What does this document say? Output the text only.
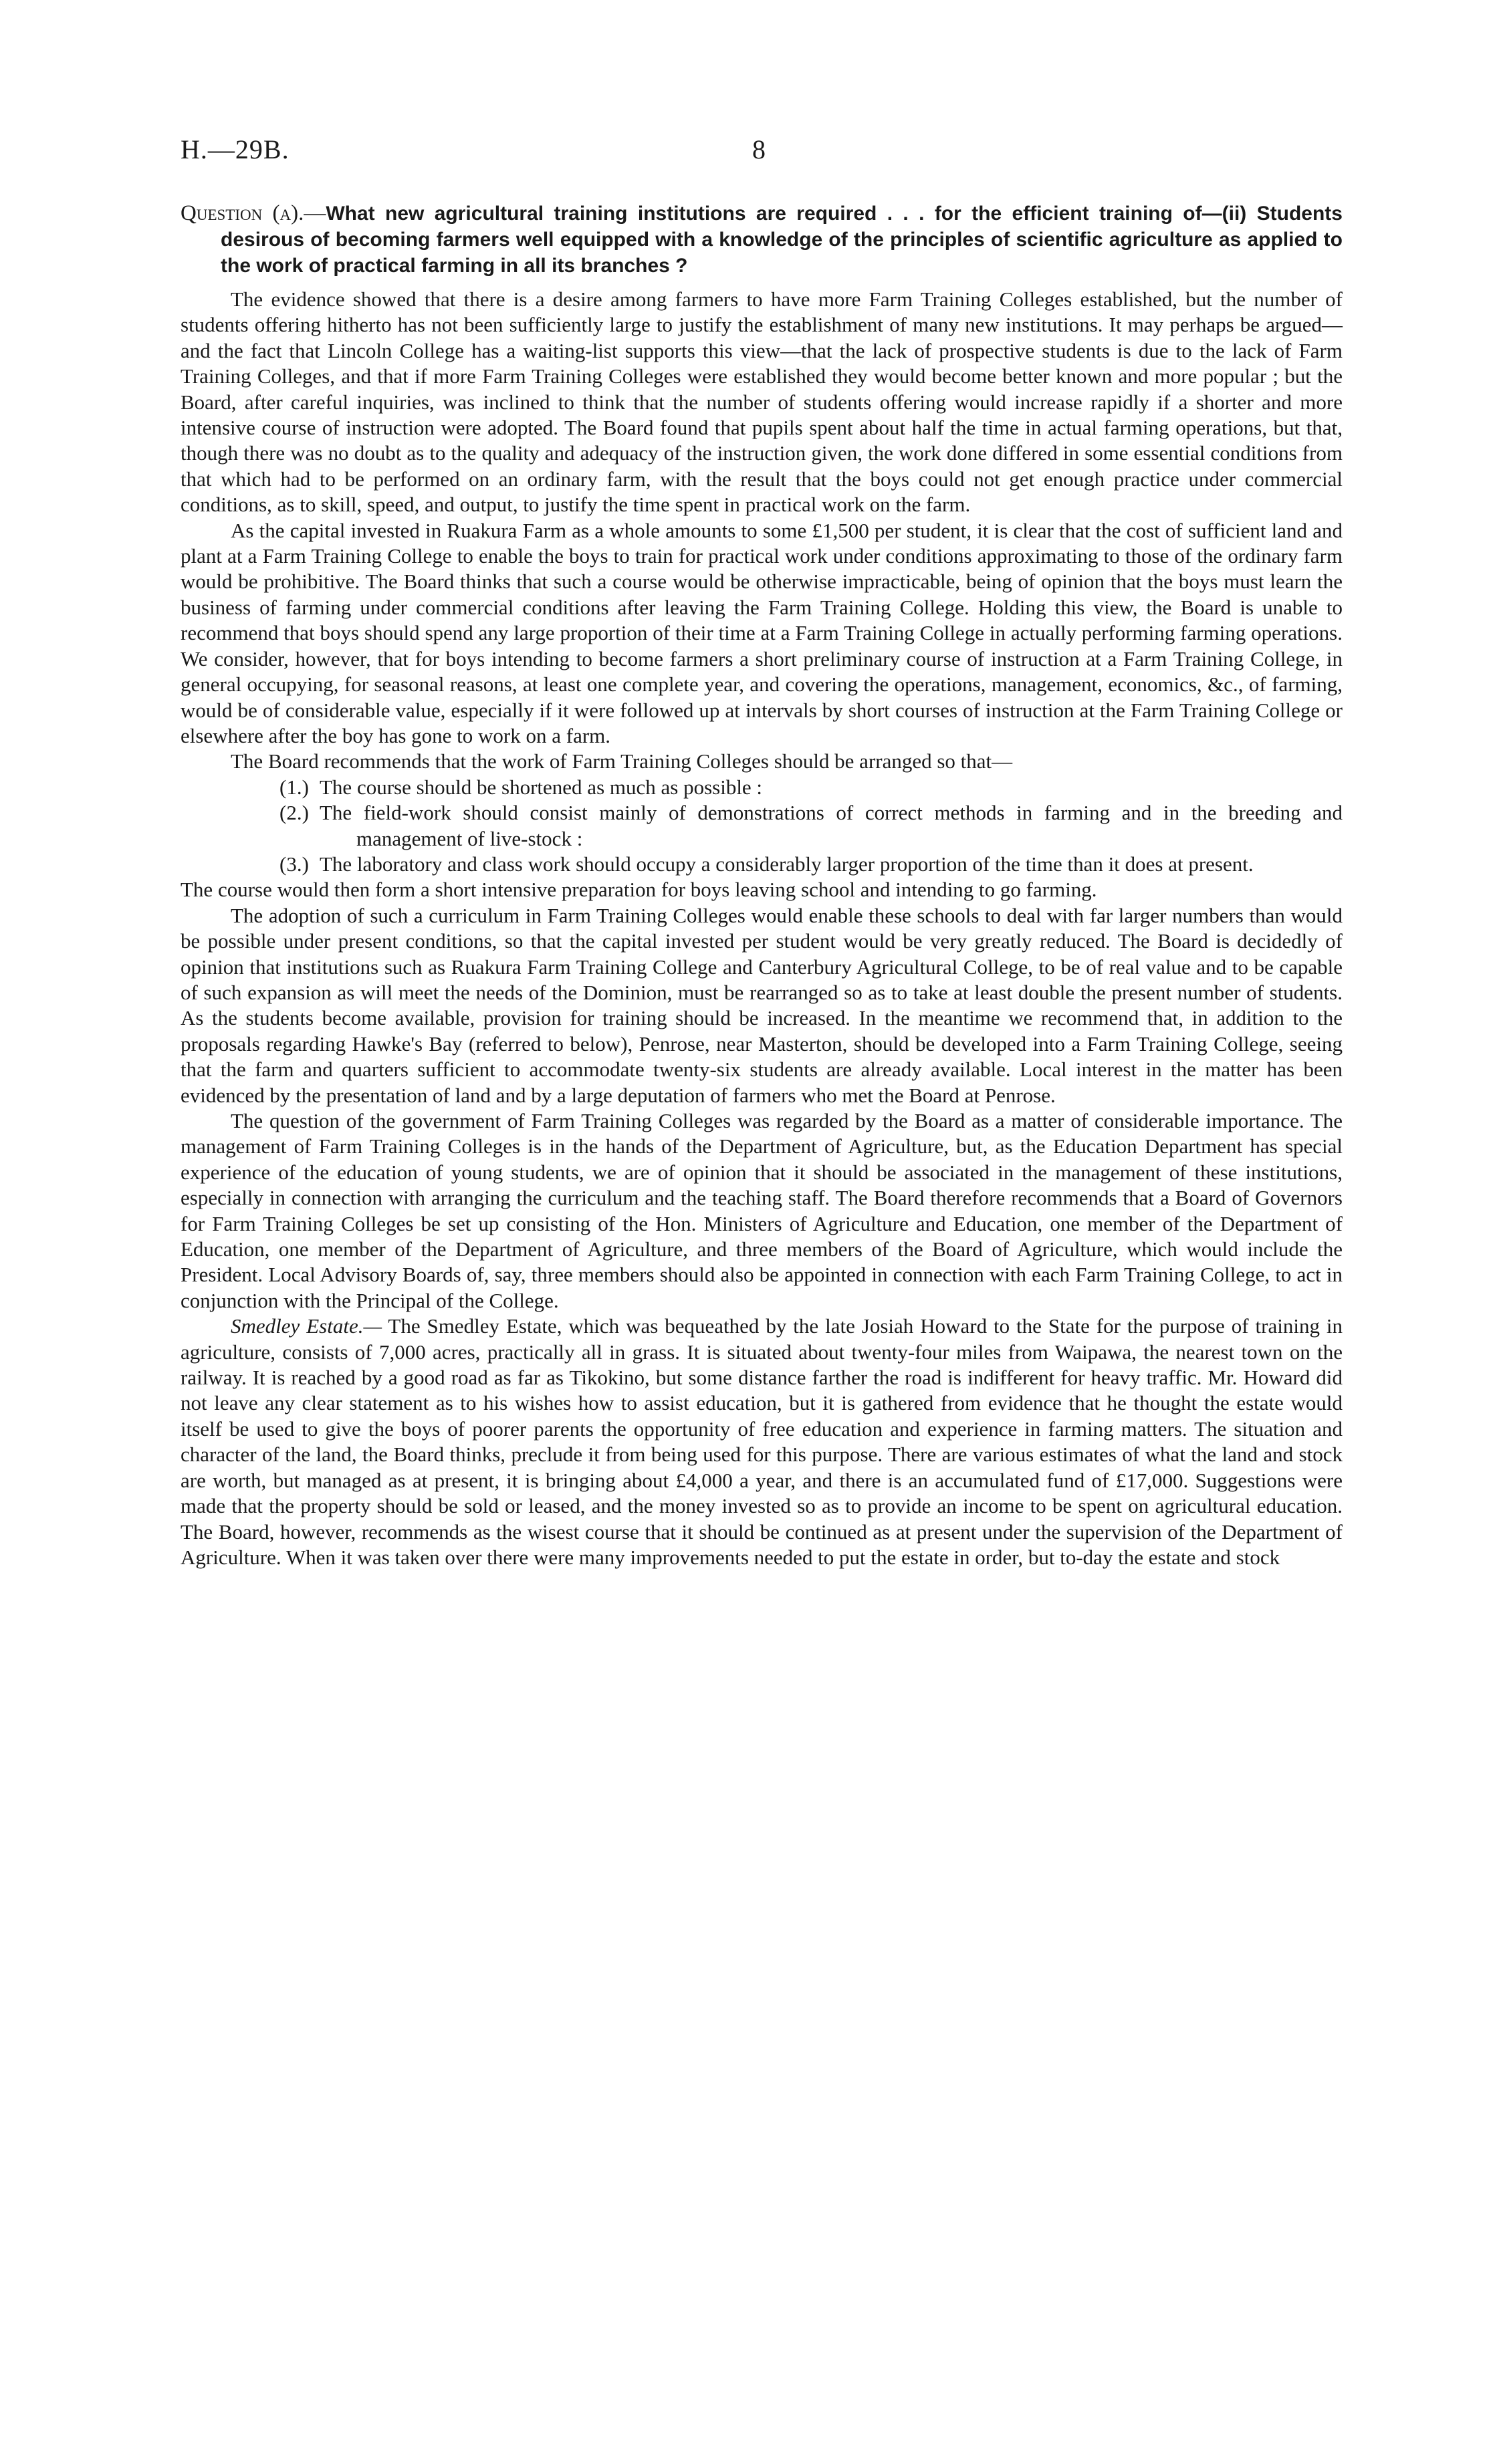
H.—29B.	8

Question (a).—What new agricultural training institutions are required . . . for the efficient training of—(ii) Students desirous of becoming farmers well equipped with a knowledge of the principles of scientific agriculture as applied to the work of practical farming in all its branches ?

The evidence showed that there is a desire among farmers to have more Farm Training Colleges established, but the number of students offering hitherto has not been sufficiently large to justify the establishment of many new institutions. It may perhaps be argued—and the fact that Lincoln College has a waiting-list supports this view—that the lack of prospective students is due to the lack of Farm Training Colleges, and that if more Farm Training Colleges were established they would become better known and more popular ; but the Board, after careful inquiries, was inclined to think that the number of students offering would increase rapidly if a shorter and more intensive course of instruction were adopted. The Board found that pupils spent about half the time in actual farming operations, but that, though there was no doubt as to the quality and adequacy of the instruction given, the work done differed in some essential conditions from that which had to be performed on an ordinary farm, with the result that the boys could not get enough practice under commercial conditions, as to skill, speed, and output, to justify the time spent in practical work on the farm.

As the capital invested in Ruakura Farm as a whole amounts to some £1,500 per student, it is clear that the cost of sufficient land and plant at a Farm Training College to enable the boys to train for practical work under conditions approximating to those of the ordinary farm would be prohibitive. The Board thinks that such a course would be otherwise impracticable, being of opinion that the boys must learn the business of farming under commercial conditions after leaving the Farm Training College. Holding this view, the Board is unable to recommend that boys should spend any large proportion of their time at a Farm Training College in actually performing farming operations. We consider, however, that for boys intending to become farmers a short preliminary course of instruction at a Farm Training College, in general occupying, for seasonal reasons, at least one complete year, and covering the operations, management, economics, &c., of farming, would be of considerable value, especially if it were followed up at intervals by short courses of instruction at the Farm Training College or elsewhere after the boy has gone to work on a farm.

The Board recommends that the work of Farm Training Colleges should be arranged so that—

(1.) The course should be shortened as much as possible :
(2.) The field-work should consist mainly of demonstrations of correct methods in farming and in the breeding and management of live-stock :
(3.) The laboratory and class work should occupy a considerably larger proportion of the time than it does at present.

The course would then form a short intensive preparation for boys leaving school and intending to go farming.

The adoption of such a curriculum in Farm Training Colleges would enable these schools to deal with far larger numbers than would be possible under present conditions, so that the capital invested per student would be very greatly reduced. The Board is decidedly of opinion that institutions such as Ruakura Farm Training College and Canterbury Agricultural College, to be of real value and to be capable of such expansion as will meet the needs of the Dominion, must be rearranged so as to take at least double the present number of students. As the students become available, provision for training should be increased. In the meantime we recommend that, in addition to the proposals regarding Hawke's Bay (referred to below), Penrose, near Masterton, should be developed into a Farm Training College, seeing that the farm and quarters sufficient to accommodate twenty-six students are already available. Local interest in the matter has been evidenced by the presentation of land and by a large deputation of farmers who met the Board at Penrose.

The question of the government of Farm Training Colleges was regarded by the Board as a matter of considerable importance. The management of Farm Training Colleges is in the hands of the Department of Agriculture, but, as the Education Department has special experience of the education of young students, we are of opinion that it should be associated in the management of these institutions, especially in connection with arranging the curriculum and the teaching staff. The Board therefore recommends that a Board of Governors for Farm Training Colleges be set up consisting of the Hon. Ministers of Agriculture and Education, one member of the Department of Education, one member of the Department of Agriculture, and three members of the Board of Agriculture, which would include the President. Local Advisory Boards of, say, three members should also be appointed in connection with each Farm Training College, to act in conjunction with the Principal of the College.

Smedley Estate.— The Smedley Estate, which was bequeathed by the late Josiah Howard to the State for the purpose of training in agriculture, consists of 7,000 acres, practically all in grass. It is situated about twenty-four miles from Waipawa, the nearest town on the railway. It is reached by a good road as far as Tikokino, but some distance farther the road is indifferent for heavy traffic. Mr. Howard did not leave any clear statement as to his wishes how to assist education, but it is gathered from evidence that he thought the estate would itself be used to give the boys of poorer parents the opportunity of free education and experience in farming matters. The situation and character of the land, the Board thinks, preclude it from being used for this purpose. There are various estimates of what the land and stock are worth, but managed as at present, it is bringing about £4,000 a year, and there is an accumulated fund of £17,000. Suggestions were made that the property should be sold or leased, and the money invested so as to provide an income to be spent on agricultural education. The Board, however, recommends as the wisest course that it should be continued as at present under the supervision of the Department of Agriculture. When it was taken over there were many improvements needed to put the estate in order, but to-day the estate and stock
